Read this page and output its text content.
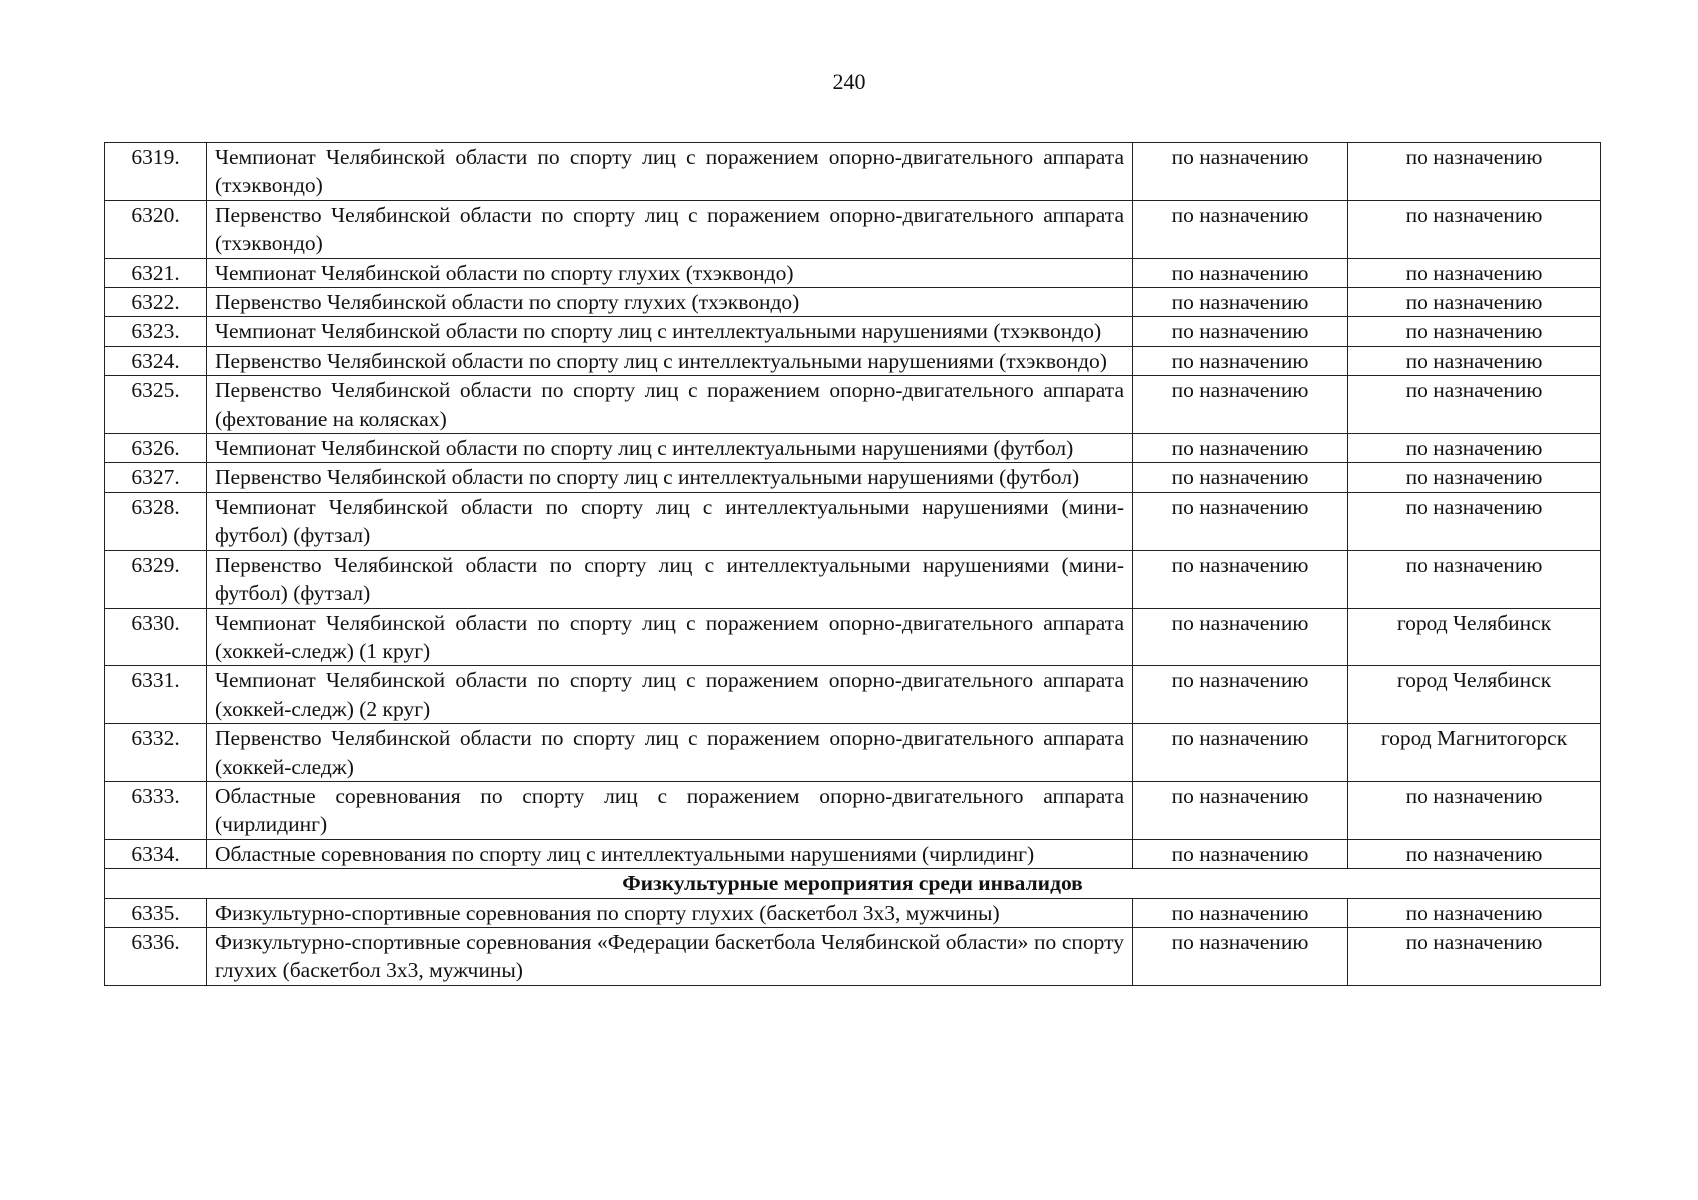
240
6319.	Чемпионат Челябинской области по спорту лиц с поражением опорно-двигательного аппарата (тхэквондо)	по назначению	по назначению
6320.	Первенство Челябинской области по спорту лиц с поражением опорно-двигательного аппарата (тхэквондо)	по назначению	по назначению
6321.	Чемпионат Челябинской области по спорту глухих (тхэквондо)	по назначению	по назначению
6322.	Первенство Челябинской области по спорту глухих (тхэквондо)	по назначению	по назначению
6323.	Чемпионат Челябинской области по спорту лиц с интеллектуальными нарушениями (тхэквондо)	по назначению	по назначению
6324.	Первенство Челябинской области по спорту лиц с интеллектуальными нарушениями (тхэквондо)	по назначению	по назначению
6325.	Первенство Челябинской области по спорту лиц с поражением опорно-двигательного аппарата (фехтование на колясках)	по назначению	по назначению
6326.	Чемпионат Челябинской области по спорту лиц с интеллектуальными нарушениями (футбол)	по назначению	по назначению
6327.	Первенство Челябинской области по спорту лиц с интеллектуальными нарушениями (футбол)	по назначению	по назначению
6328.	Чемпионат Челябинской области по спорту лиц с интеллектуальными нарушениями (мини-футбол) (футзал)	по назначению	по назначению
6329.	Первенство Челябинской области по спорту лиц с интеллектуальными нарушениями (мини-футбол) (футзал)	по назначению	по назначению
6330.	Чемпионат Челябинской области по спорту лиц с поражением опорно-двигательного аппарата (хоккей-следж) (1 круг)	по назначению	город Челябинск
6331.	Чемпионат Челябинской области по спорту лиц с поражением опорно-двигательного аппарата (хоккей-следж) (2 круг)	по назначению	город Челябинск
6332.	Первенство Челябинской области по спорту лиц с поражением опорно-двигательного аппарата (хоккей-следж)	по назначению	город Магнитогорск
6333.	Областные соревнования по спорту лиц с поражением опорно-двигательного аппарата (чирлидинг)	по назначению	по назначению
6334.	Областные соревнования по спорту лиц с интеллектуальными нарушениями (чирлидинг)	по назначению	по назначению
Физкультурные мероприятия среди инвалидов			
6335.	Физкультурно-спортивные соревнования по спорту глухих (баскетбол 3х3, мужчины)	по назначению	по назначению
6336.	Физкультурно-спортивные соревнования «Федерации баскетбола Челябинской области» по спорту глухих (баскетбол 3х3, мужчины)	по назначению	по назначению
